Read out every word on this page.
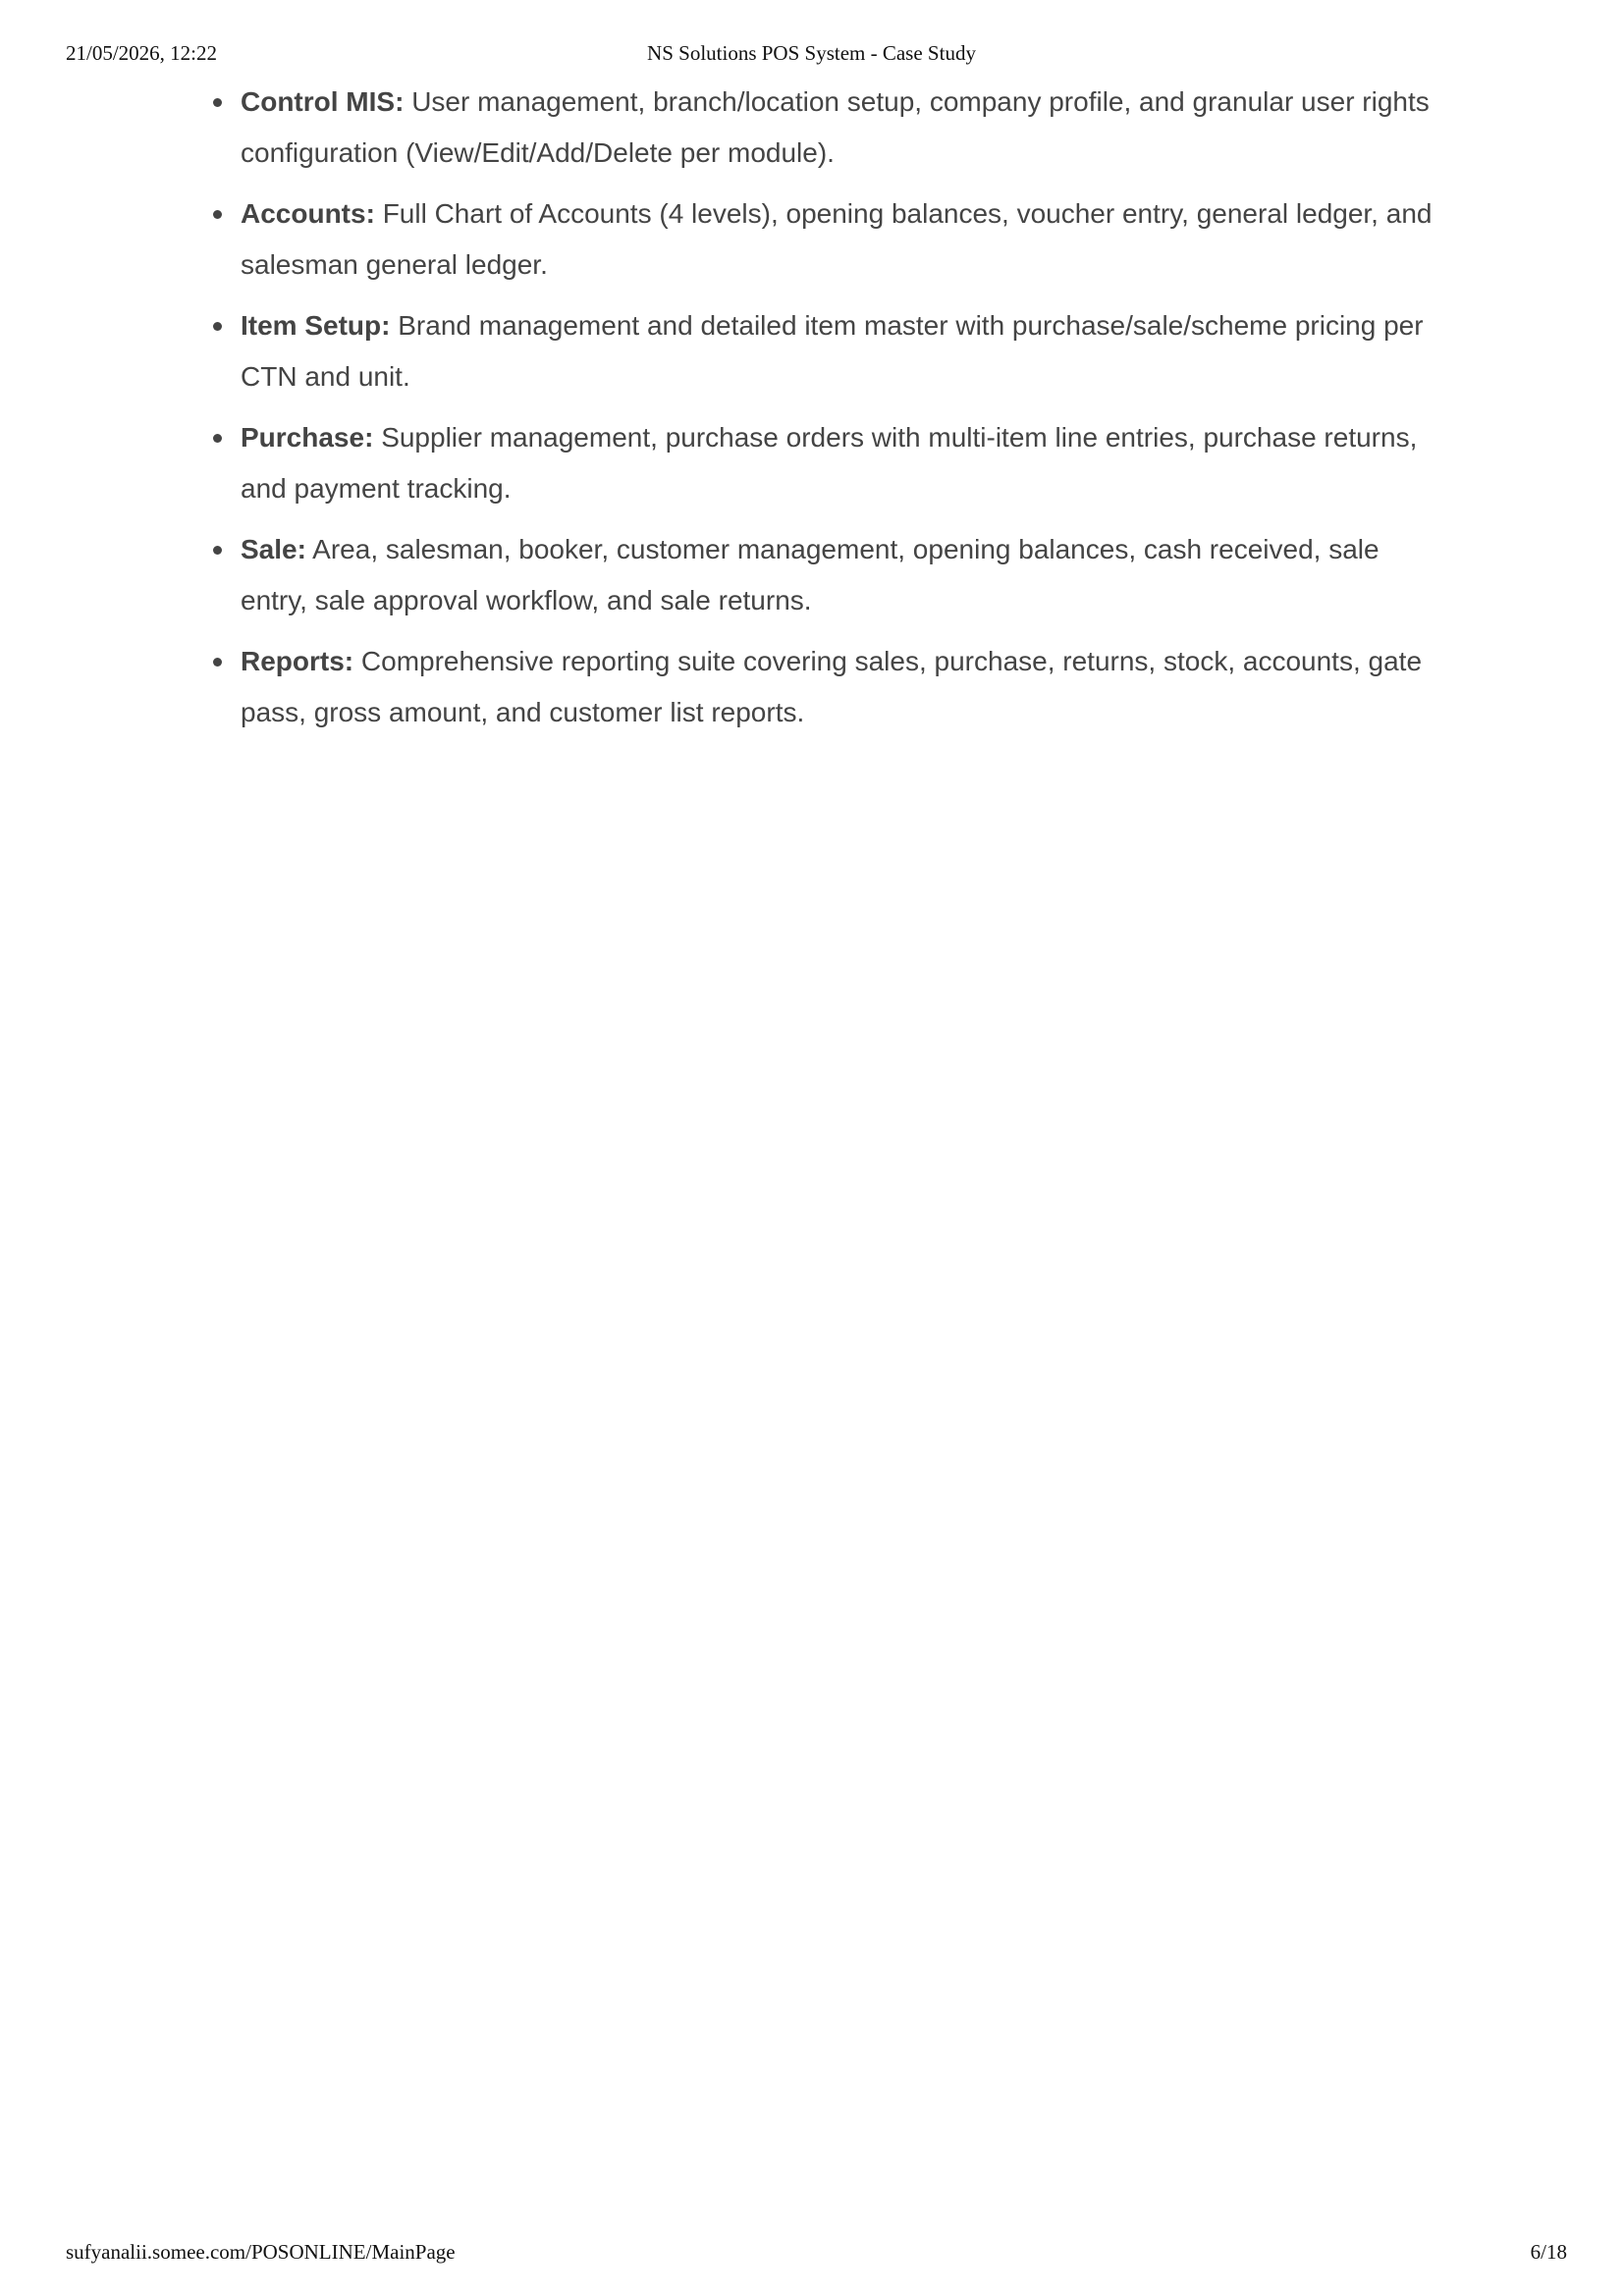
21/05/2026, 12:22	NS Solutions POS System - Case Study
Control MIS: User management, branch/location setup, company profile, and granular user rights configuration (View/Edit/Add/Delete per module).
Accounts: Full Chart of Accounts (4 levels), opening balances, voucher entry, general ledger, and salesman general ledger.
Item Setup: Brand management and detailed item master with purchase/sale/scheme pricing per CTN and unit.
Purchase: Supplier management, purchase orders with multi-item line entries, purchase returns, and payment tracking.
Sale: Area, salesman, booker, customer management, opening balances, cash received, sale entry, sale approval workflow, and sale returns.
Reports: Comprehensive reporting suite covering sales, purchase, returns, stock, accounts, gate pass, gross amount, and customer list reports.
sufyanalii.somee.com/POSONLINE/MainPage	6/18
